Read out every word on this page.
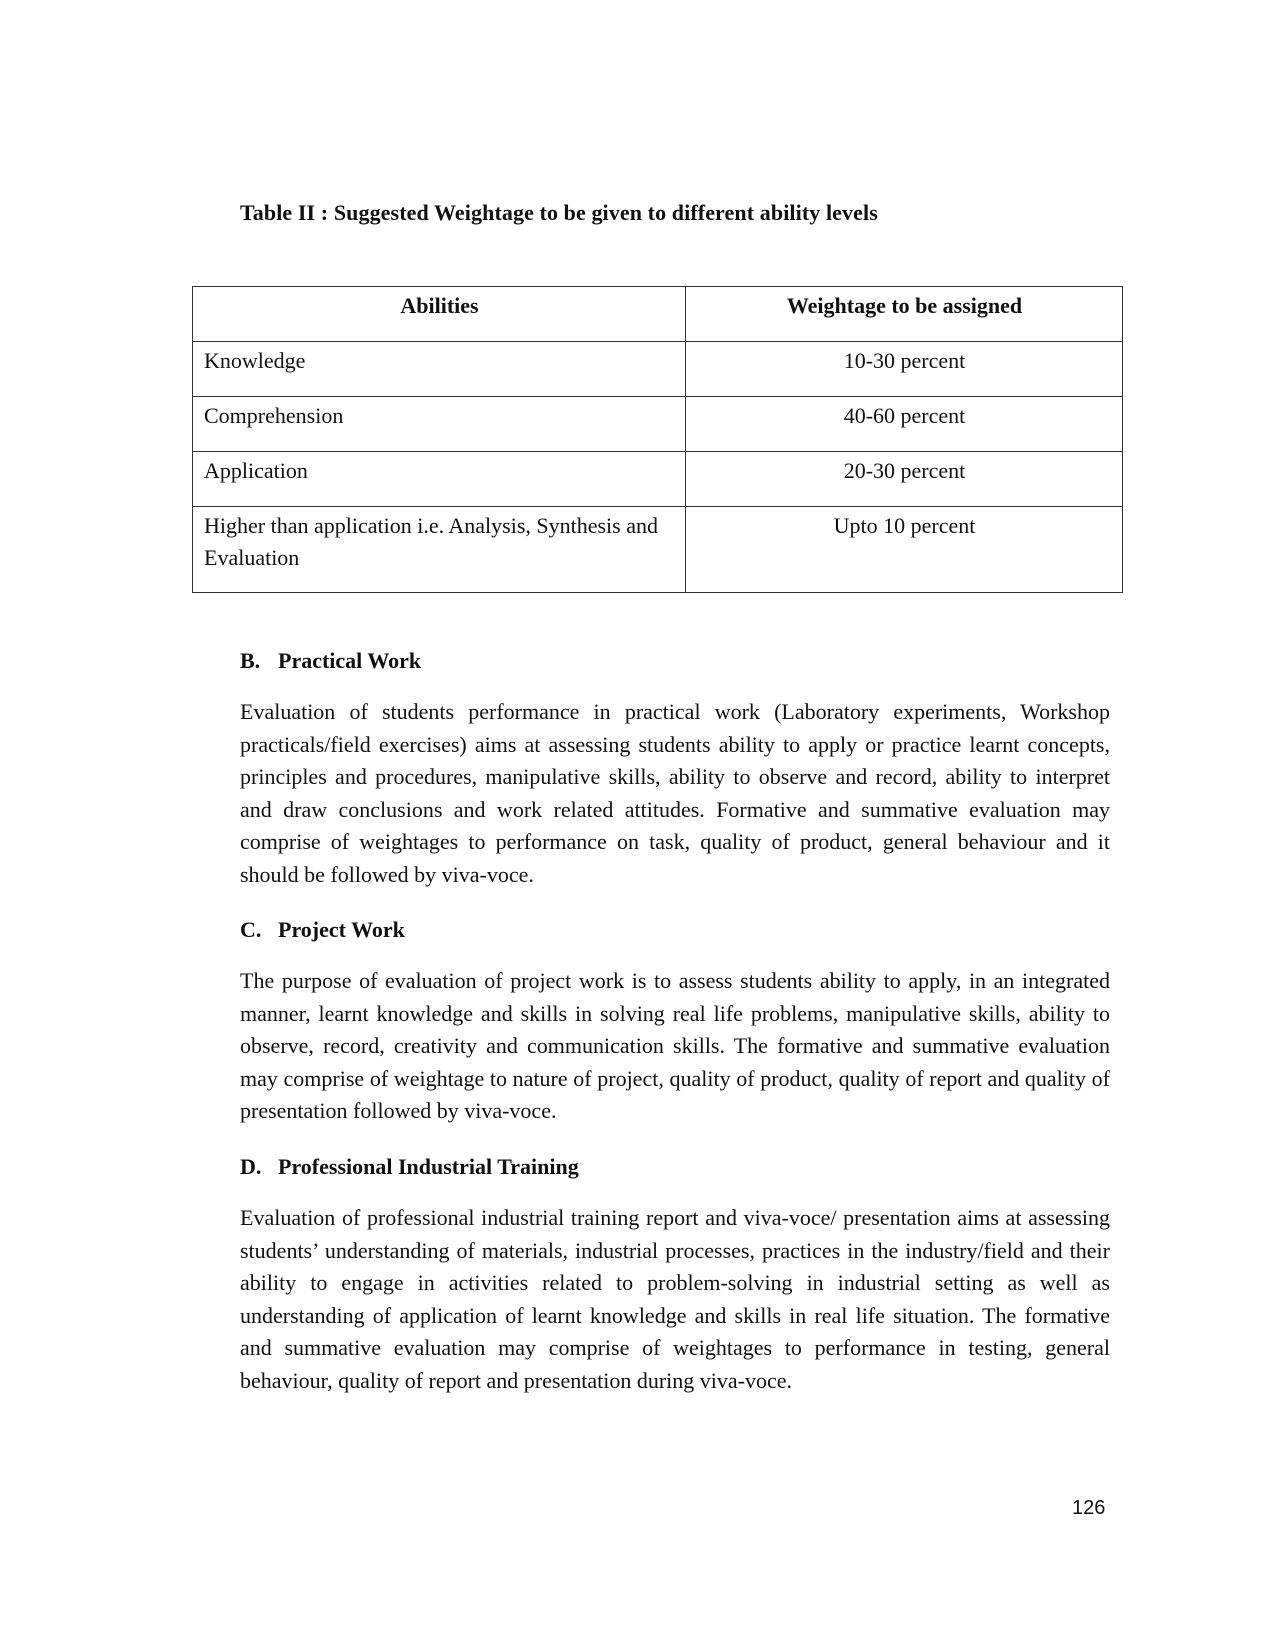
Table II : Suggested Weightage to be given to different ability levels
Abilities	Weightage to be assigned
Knowledge	10-30 percent
Comprehension	40-60 percent
Application	20-30 percent
Higher than application i.e. Analysis, Synthesis and Evaluation	Upto 10 percent
B. Practical Work

Evaluation of students performance in practical work (Laboratory experiments, Workshop practicals/field exercises) aims at assessing students ability to apply or practice learnt concepts, principles and procedures, manipulative skills, ability to observe and record, ability to interpret and draw conclusions and work related attitudes. Formative and summative evaluation may comprise of weightages to performance on task, quality of product, general behaviour and it should be followed by viva-voce.

C. Project Work

The purpose of evaluation of project work is to assess students ability to apply, in an integrated manner, learnt knowledge and skills in solving real life problems, manipulative skills, ability to observe, record, creativity and communication skills. The formative and summative evaluation may comprise of weightage to nature of project, quality of product, quality of report and quality of presentation followed by viva-voce.

D. Professional Industrial Training

Evaluation of professional industrial training report and viva-voce/ presentation aims at assessing students’ understanding of materials, industrial processes, practices in the industry/field and their ability to engage in activities related to problem-solving in industrial setting as well as understanding of application of learnt knowledge and skills in real life situation. The formative and summative evaluation may comprise of weightages to performance in testing, general behaviour, quality of report and presentation during viva-voce.

126
